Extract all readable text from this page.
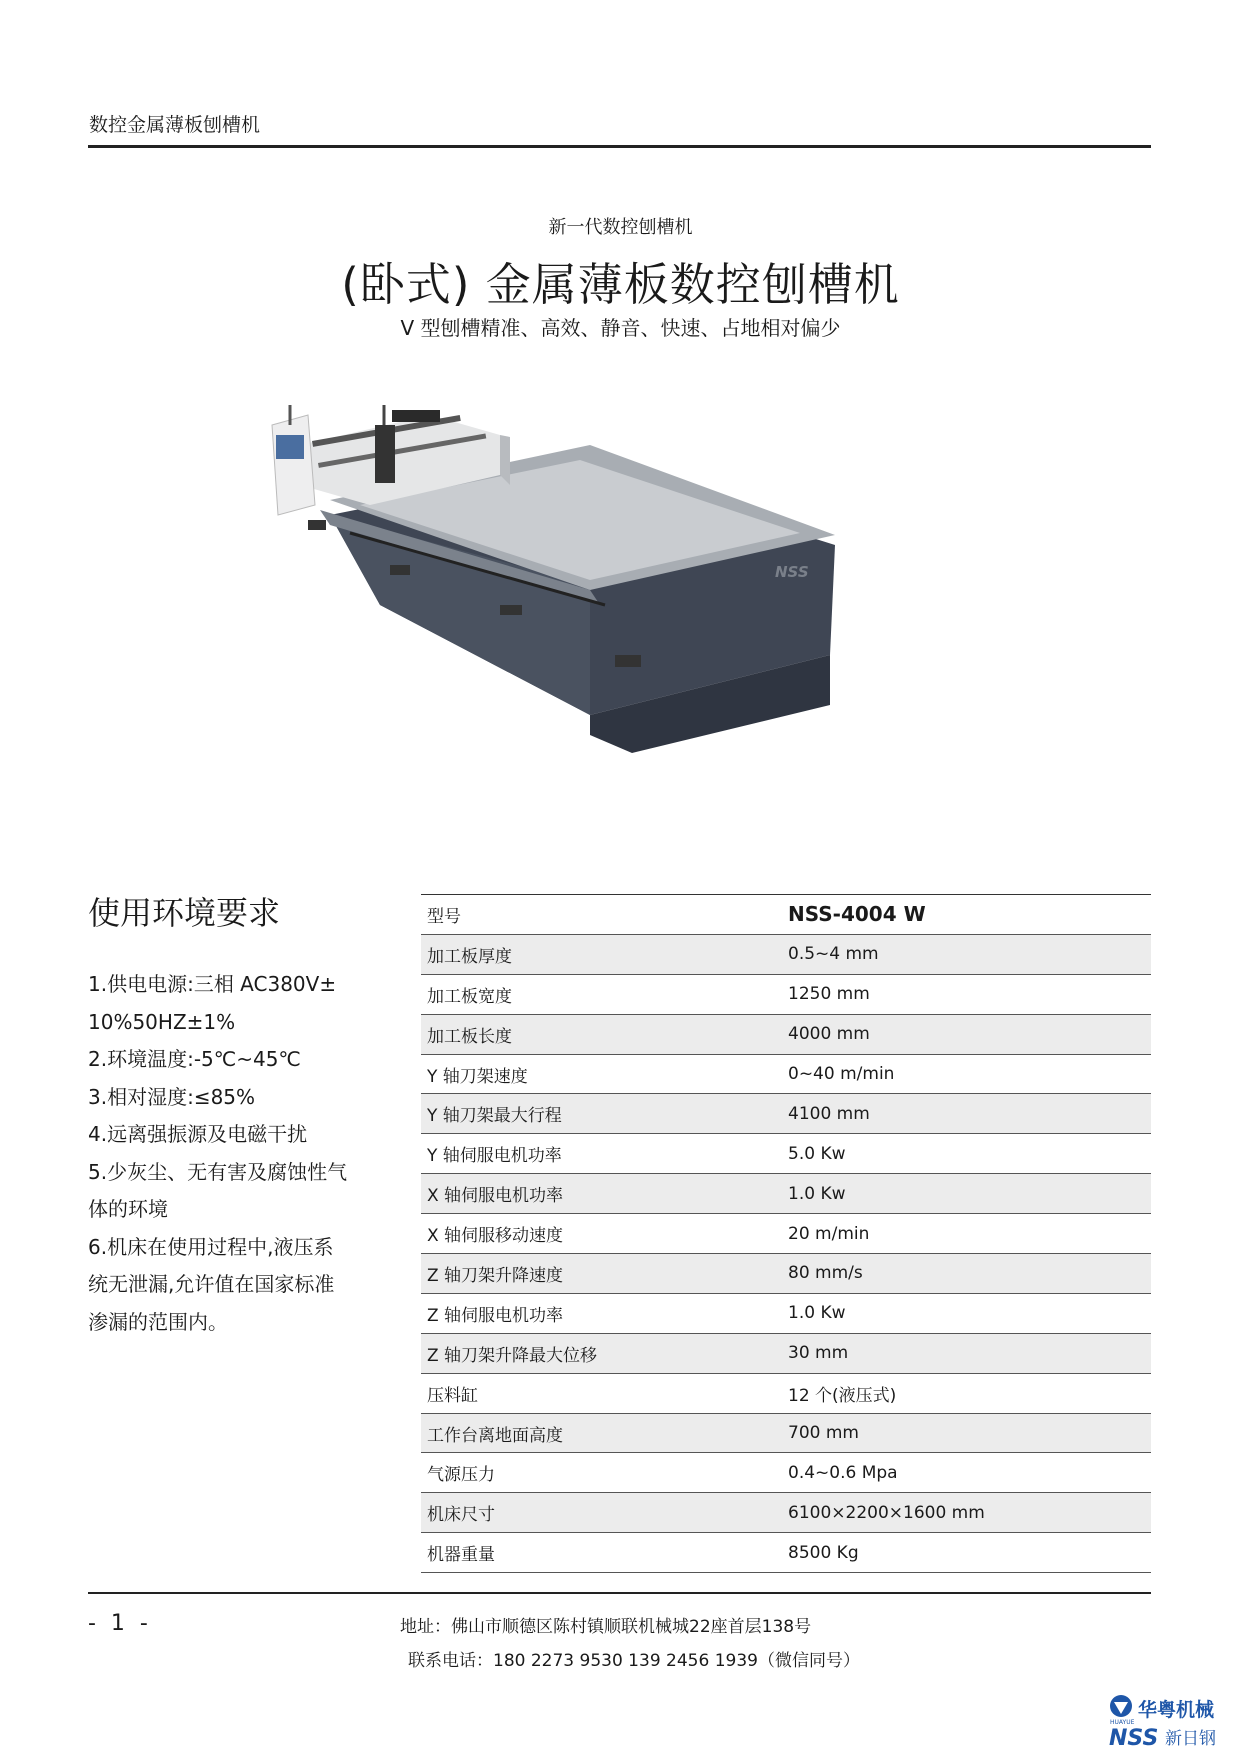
数控金属薄板刨槽机
新一代数控刨槽机
(卧式) 金属薄板数控刨槽机
V 型刨槽精准、高效、静音、快速、占地相对偏少
NSS
使用环境要求
1.供电电源:三相 AC380V±
10%50HZ±1%
2.环境温度:-5℃~45℃
3.相对湿度:≤85%
4.远离强振源及电磁干扰
5.少灰尘、无有害及腐蚀性气
体的环境
6.机床在使用过程中,液压系
统无泄漏,允许值在国家标准
渗漏的范围内。
型号	NSS-4004 W
加工板厚度	0.5~4 mm
加工板宽度	1250 mm
加工板长度	4000 mm
Y 轴刀架速度	0~40 m/min
Y 轴刀架最大行程	4100 mm
Y 轴伺服电机功率	5.0 Kw
X 轴伺服电机功率	1.0 Kw
X 轴伺服移动速度	20 m/min
Z 轴刀架升降速度	80 mm/s
Z 轴伺服电机功率	1.0 Kw
Z 轴刀架升降最大位移	30 mm
压料缸	12 个(液压式)
工作台离地面高度	700 mm
气源压力	0.4~0.6 Mpa
机床尺寸	6100×2200×1600 mm
机器重量	8500 Kg
- 1 -	地址：佛山市顺德区陈村镇顺联机械城22座首层138号
联系电话：180 2273 9530 139 2456 1939（微信同号）
HUAYUE
华粤机械
NSS 新日钢
